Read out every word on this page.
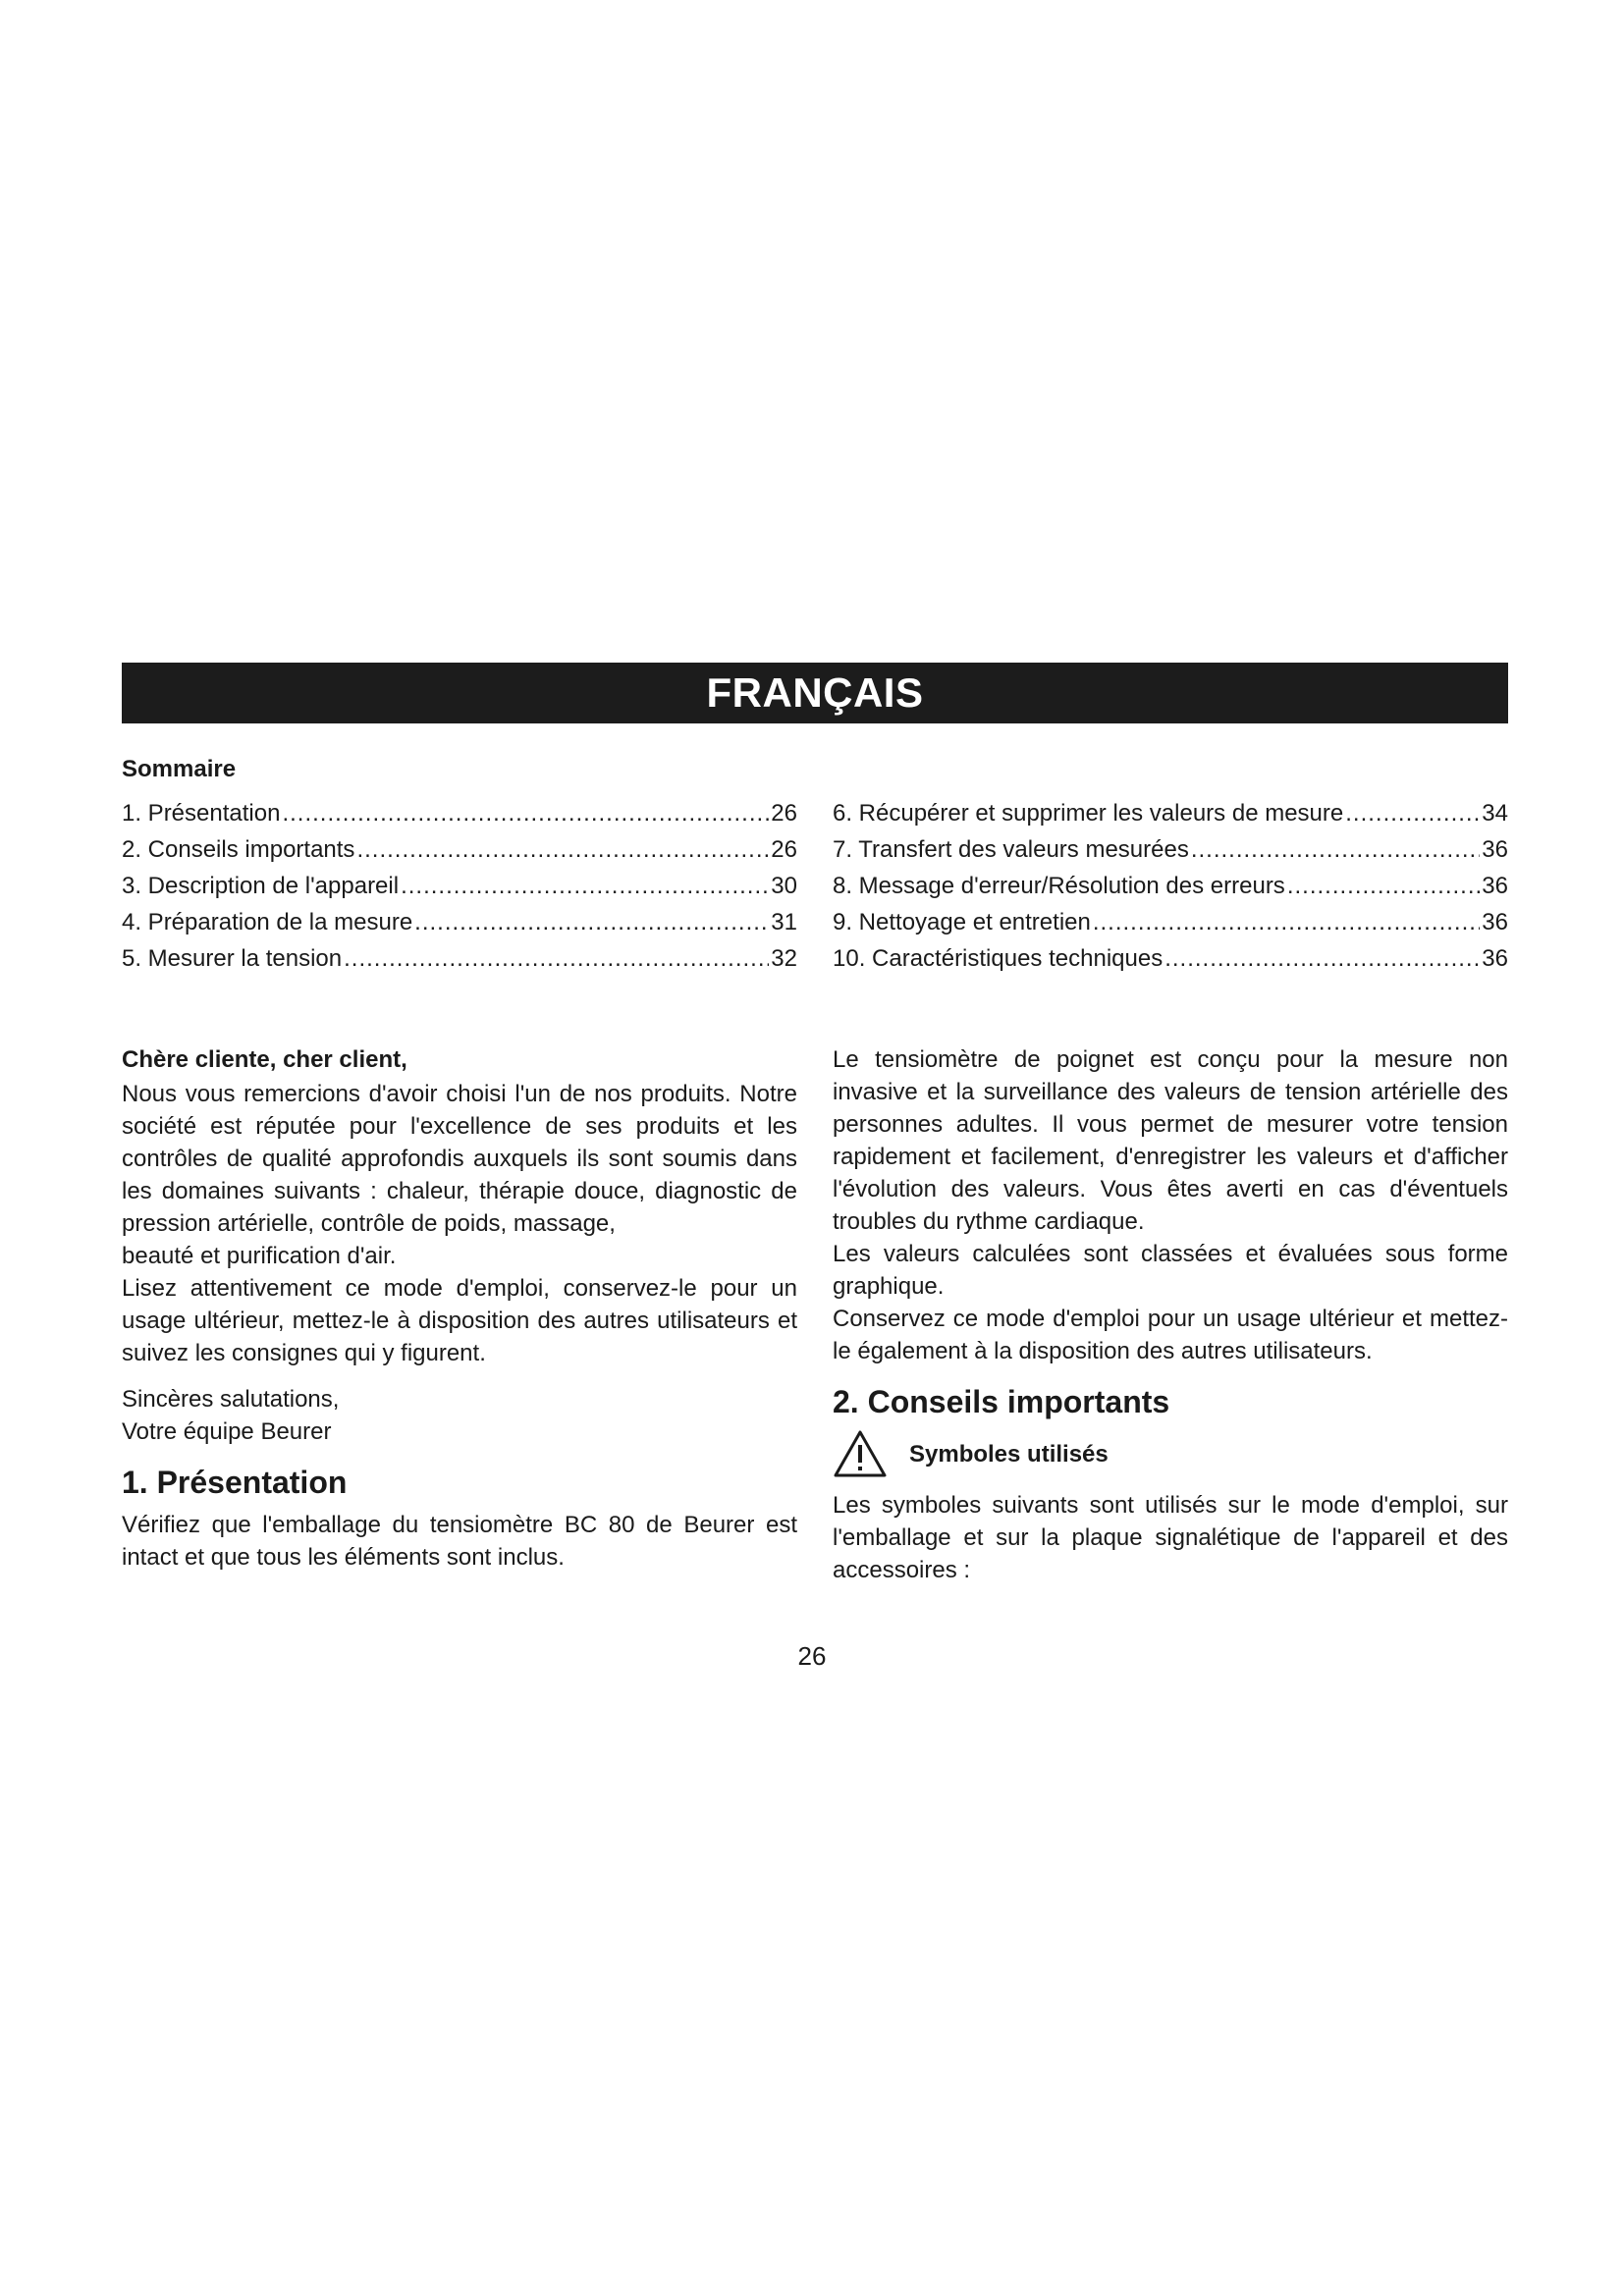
FRANÇAIS
Sommaire
1. Présentation .....	26
2. Conseils importants .....	26
3. Description de l'appareil .....	30
4. Préparation de la mesure .....	31
5. Mesurer la tension .....	32
6. Récupérer et supprimer les valeurs de mesure .....	34
7. Transfert des valeurs mesurées .....	36
8. Message d'erreur/Résolution des erreurs .....	36
9. Nettoyage et entretien .....	36
10. Caractéristiques techniques .....	36

Chère cliente, cher client,

Nous vous remercions d'avoir choisi l'un de nos produits. Notre société est réputée pour l'excellence de ses produits et les contrôles de qualité approfondis auxquels ils sont soumis dans les domaines suivants : chaleur, thérapie douce, diagnostic de pression artérielle, contrôle de poids, massage,

beauté et purification d'air.

Lisez attentivement ce mode d'emploi, conservez-le pour un usage ultérieur, mettez-le à disposition des autres utilisateurs et suivez les consignes qui y figurent.

Sincères salutations,

Votre équipe Beurer

1. Présentation

Vérifiez que l'emballage du tensiomètre BC 80 de Beurer est intact et que tous les éléments sont inclus.

Le tensiomètre de poignet est conçu pour la mesure non invasive et la surveillance des valeurs de tension artérielle des personnes adultes. Il vous permet de mesurer votre tension rapidement et facilement, d'enregistrer les valeurs et d'afficher l'évolution des valeurs. Vous êtes averti en cas d'éventuels troubles du rythme cardiaque.

Les valeurs calculées sont classées et évaluées sous forme graphique.

Conservez ce mode d'emploi pour un usage ultérieur et mettez-le également à la disposition des autres utilisateurs.

2. Conseils importants
Symboles utilisés

Les symboles suivants sont utilisés sur le mode d'emploi, sur l'emballage et sur la plaque signalétique de l'appareil et des accessoires :

26
